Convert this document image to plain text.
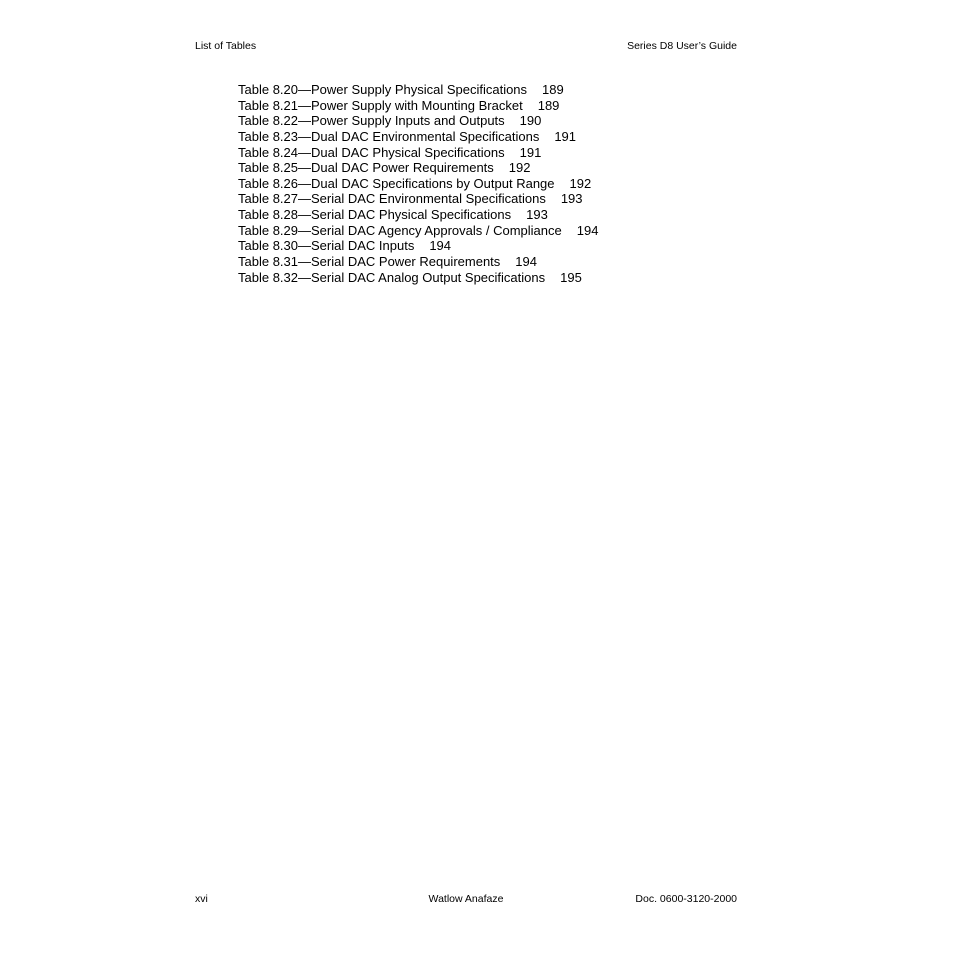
List of Tables	Series D8 User’s Guide
Table 8.20—Power Supply Physical Specifications 189
Table 8.21—Power Supply with Mounting Bracket 189
Table 8.22—Power Supply Inputs and Outputs 190
Table 8.23—Dual DAC Environmental Specifications 191
Table 8.24—Dual DAC Physical Specifications 191
Table 8.25—Dual DAC Power Requirements 192
Table 8.26—Dual DAC Specifications by Output Range 192
Table 8.27—Serial DAC Environmental Specifications 193
Table 8.28—Serial DAC Physical Specifications 193
Table 8.29—Serial DAC Agency Approvals / Compliance 194
Table 8.30—Serial DAC Inputs 194
Table 8.31—Serial DAC Power Requirements 194
Table 8.32—Serial DAC Analog Output Specifications 195
xvi	Watlow Anafaze	Doc. 0600-3120-2000
